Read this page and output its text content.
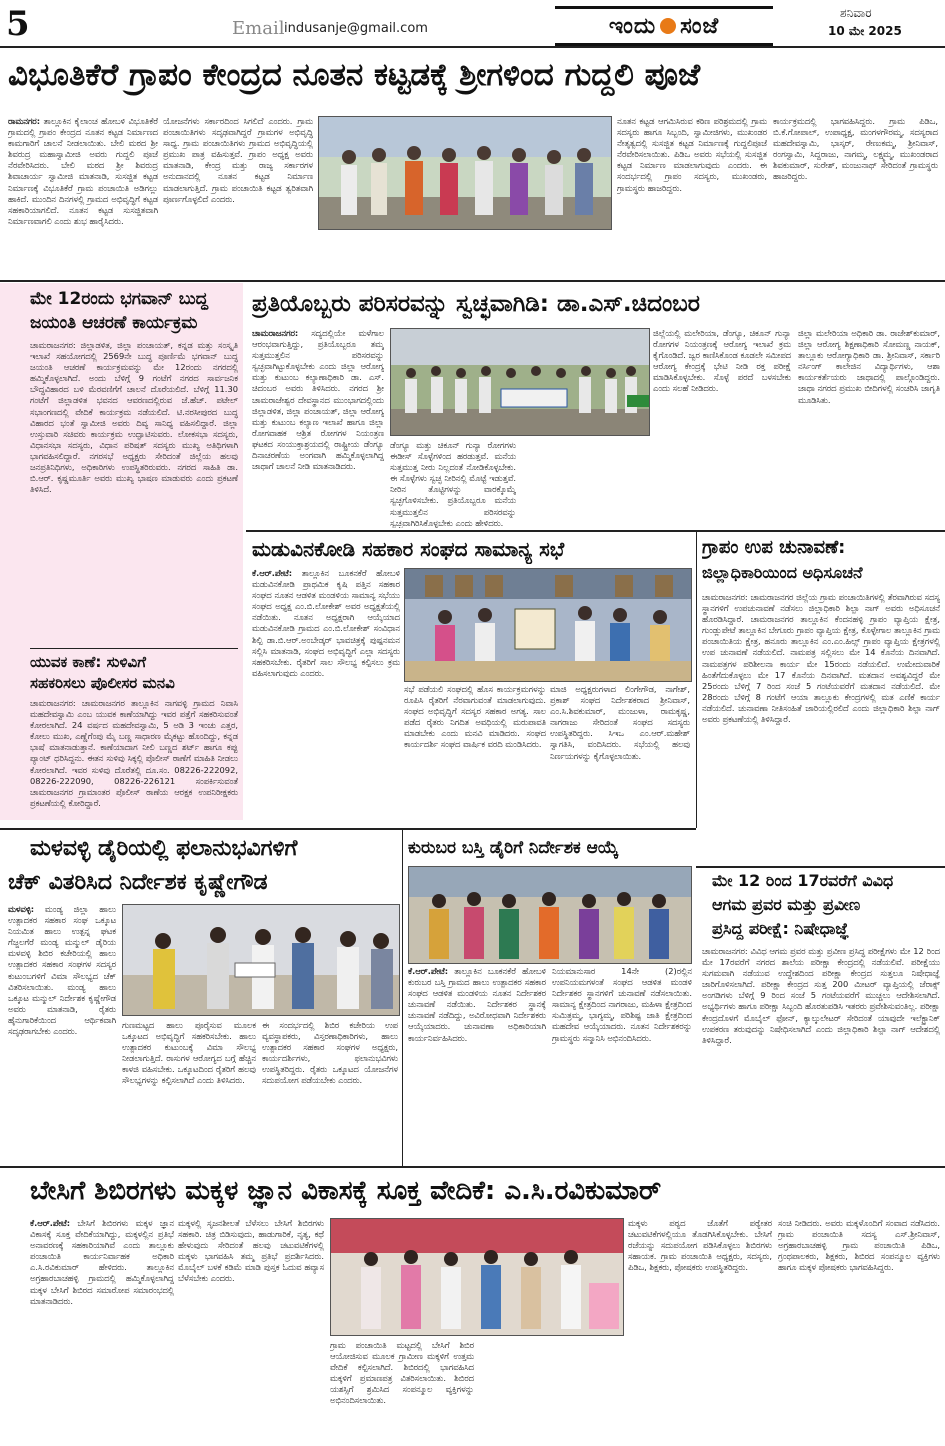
5	Email indusanje@gmail.com	ಇಂದು ಸಂಜೆ
ಶನಿವಾರ
10 ಮೇ 2025
ವಿಭೂತಿಕೆರೆ ಗ್ರಾಪಂ ಕೇಂದ್ರದ ನೂತನ ಕಟ್ಟಡಕ್ಕೆ ಶ್ರೀಗಳಿಂದ ಗುದ್ದಲಿ ಪೂಜೆ
ರಾಮನಗರ: ತಾಲ್ಲೂಕಿನ ಕೈಲಾಂಚ ಹೋಬಳಿ ವಿಭೂತಿಕೆರೆ ಗ್ರಾಮದಲ್ಲಿ ಗ್ರಾಪಂ ಕೇಂದ್ರದ ನೂತನ ಕಟ್ಟಡ ನಿರ್ಮಾಣದ ಕಾಮಗಾರಿಗೆ ಚಾಲನೆ ನೀಡಲಾಯಿತು. ಬೇಲಿ ಮಠದ ಶ್ರೀ ಶಿವರುದ್ರ ಮಹಾಸ್ವಾಮೀಜಿ ಅವರು ಗುದ್ದಲಿ ಪೂಜೆ ನೆರವೇರಿಸಿದರು. ಬೇಲಿ ಮಠದ ಶ್ರೀ ಶಿವರುದ್ರ ಶಿವಾಚಾರ್ಯ ಸ್ವಾಮೀಜಿ ಮಾತನಾಡಿ, ಸುಸಜ್ಜಿತ ಕಟ್ಟಡ ನಿರ್ಮಾಣಕ್ಕೆ ವಿಭೂತಿಕೆರೆ ಗ್ರಾಮ ಪಂಚಾಯಿತಿ ಅಡಿಗಲ್ಲು ಹಾಕಿದೆ. ಮುಂದಿನ ದಿನಗಳಲ್ಲಿ ಗ್ರಾಮದ ಅಭಿವೃದ್ಧಿಗೆ ಕಟ್ಟಡ ಸಹಕಾರಿಯಾಗಲಿದೆ. ನೂತನ ಕಟ್ಟಡ ಸುಸಜ್ಜಿತವಾಗಿ ನಿರ್ಮಾಣವಾಗಲಿ ಎಂದು ಶುಭ ಹಾರೈಸಿದರು.
ಯೋಜನೆಗಳು ಸರ್ಕಾರದಿಂದ ಸಿಗಲಿದೆ ಎಂದರು. ಗ್ರಾಮ ಪಂಚಾಯಿತಿಗಳು ಸದೃಢವಾಗಿದ್ದರೆ ಗ್ರಾಮಗಳ ಅಭಿವೃದ್ಧಿ ಸಾಧ್ಯ. ಗ್ರಾಮ ಪಂಚಾಯಿತಿಗಳು ಗ್ರಾಮದ ಅಭಿವೃದ್ಧಿಯಲ್ಲಿ ಪ್ರಮುಖ ಪಾತ್ರ ವಹಿಸುತ್ತವೆ. ಗ್ರಾಪಂ ಅಧ್ಯಕ್ಷ ಅವರು ಮಾತನಾಡಿ, ಕೇಂದ್ರ ಮತ್ತು ರಾಜ್ಯ ಸರ್ಕಾರಗಳ ಅನುದಾನದಲ್ಲಿ ನೂತನ ಕಟ್ಟಡ ನಿರ್ಮಾಣ ಮಾಡಲಾಗುತ್ತಿದೆ. ಗ್ರಾಮ ಪಂಚಾಯಿತಿ ಕಟ್ಟಡ ತ್ವರಿತವಾಗಿ ಪೂರ್ಣಗೊಳ್ಳಲಿದೆ ಎಂದರು.
ನೂತನ ಕಟ್ಟಡ ಆಗಮಿಸಿರುವ ಕಠಿಣ ಪರಿಶ್ರಮದಲ್ಲಿ ಗ್ರಾಮ ಸದಸ್ಯರು ಹಾಗೂ ಸಿಬ್ಬಂದಿ, ಸ್ವಾಮೀಜಿಗಳು, ಮುಖಂಡರ ನೇತೃತ್ವದಲ್ಲಿ ಸುಸಜ್ಜಿತ ಕಟ್ಟಡ ನಿರ್ಮಾಣಕ್ಕೆ ಗುದ್ದಲಿಪೂಜೆ ನೆರವೇರಿಸಲಾಯಿತು. ಪಿಡಿಒ ಅವರು ಸಭೆಯಲ್ಲಿ ಸುಸಜ್ಜಿತ ಕಟ್ಟಡ ನಿರ್ಮಾಣ ಮಾಡಲಾಗುವುದು ಎಂದರು. ಈ ಸಂದರ್ಭದಲ್ಲಿ ಗ್ರಾಪಂ ಸದಸ್ಯರು, ಮುಖಂಡರು, ಗ್ರಾಮಸ್ಥರು ಹಾಜರಿದ್ದರು.
ಕಾರ್ಯಕ್ರಮದಲ್ಲಿ ಭಾಗವಹಿಸಿದ್ದರು. ಗ್ರಾಮ ಪಿಡಿಒ, ಬಿ.ಕೆ.ಗೋಪಾಲ್, ಉಪಾಧ್ಯಕ್ಷ, ಮಂಗಳಗೌರಮ್ಮ, ಸದಸ್ಯರಾದ ಮಹದೇವಸ್ವಾಮಿ, ಭಾಸ್ಕರ್, ರೇಣುಕಮ್ಮ, ಶ್ರೀನಿವಾಸ್, ರಂಗಸ್ವಾಮಿ, ಸಿದ್ದರಾಜು, ನಾಗಮ್ಮ, ಲಕ್ಷ್ಮಮ್ಮ, ಮುಖಂಡರಾದ ಶಿವಕುಮಾರ್, ಸುರೇಶ್, ಮಂಜುನಾಥ್ ಸೇರಿದಂತೆ ಗ್ರಾಮಸ್ಥರು ಹಾಜರಿದ್ದರು.
ಮೇ 12ರಂದು ಭಗವಾನ್ ಬುದ್ಧ
ಜಯಂತಿ ಆಚರಣೆ ಕಾರ್ಯಕ್ರಮ
ಚಾಮರಾಜನಗರ: ಜಿಲ್ಲಾಡಳಿತ, ಜಿಲ್ಲಾ ಪಂಚಾಯತ್, ಕನ್ನಡ ಮತ್ತು ಸಂಸ್ಕೃತಿ ಇಲಾಖೆ ಸಹಯೋಗದಲ್ಲಿ 2569ನೇ ಬುದ್ಧ ಪೂರ್ಣಿಮೆ ಭಗವಾನ್ ಬುದ್ಧ ಜಯಂತಿ ಆಚರಣೆ ಕಾರ್ಯಕ್ರಮವನ್ನು ಮೇ 12ರಂದು ನಗರದಲ್ಲಿ ಹಮ್ಮಿಕೊಳ್ಳಲಾಗಿದೆ. ಅಂದು ಬೆಳಿಗ್ಗೆ 9 ಗಂಟೆಗೆ ನಗರದ ಸಾರ್ವಜನಿಕ ಬೌದ್ಧವಿಹಾರದ ಬಳಿ ಮೆರವಣಿಗೆಗೆ ಚಾಲನೆ ದೊರೆಯಲಿದೆ. ಬೆಳಿಗ್ಗೆ 11.30 ಗಂಟೆಗೆ ಜಿಲ್ಲಾಡಳಿತ ಭವನದ ಆವರಣದಲ್ಲಿರುವ ಜೆ.ಹೆಚ್. ಪಟೇಲ್ ಸಭಾಂಗಣದಲ್ಲಿ ವೇದಿಕೆ ಕಾರ್ಯಕ್ರಮ ನಡೆಯಲಿದೆ. ಟಿ.ನರಸೀಪುರದ ಬುದ್ಧ ವಿಹಾರದ ಭಂತೆ ಸ್ವಾಮೀಜಿ ಅವರು ದಿವ್ಯ ಸಾನಿಧ್ಯ ವಹಿಸಲಿದ್ದಾರೆ. ಜಿಲ್ಲಾ ಉಸ್ತುವಾರಿ ಸಚಿವರು ಕಾರ್ಯಕ್ರಮ ಉದ್ಘಾಟಿಸುವರು. ಲೋಕಸಭಾ ಸದಸ್ಯರು, ವಿಧಾನಸಭಾ ಸದಸ್ಯರು, ವಿಧಾನ ಪರಿಷತ್ ಸದಸ್ಯರು ಮುಖ್ಯ ಅತಿಥಿಗಳಾಗಿ ಭಾಗವಹಿಸಲಿದ್ದಾರೆ. ನಗರಸಭೆ ಅಧ್ಯಕ್ಷರು ಸೇರಿದಂತೆ ಜಿಲ್ಲೆಯ ಹಲವು ಜನಪ್ರತಿನಿಧಿಗಳು, ಅಧಿಕಾರಿಗಳು ಉಪಸ್ಥಿತರಿರುವರು. ನಗರದ ಸಾಹಿತಿ ಡಾ. ಬಿ.ಆರ್. ಕೃಷ್ಣಮೂರ್ತಿ ಅವರು ಮುಖ್ಯ ಭಾಷಣ ಮಾಡುವರು ಎಂದು ಪ್ರಕಟಣೆ ತಿಳಿಸಿದೆ.
ಯುವಕ ಕಾಣೆ: ಸುಳಿವಿಗೆ
ಸಹಕರಿಸಲು ಪೊಲೀಸರ ಮನವಿ
ಚಾಮರಾಜನಗರ: ಚಾಮರಾಜನಗರ ತಾಲ್ಲೂಕಿನ ನಾಗವಳ್ಳಿ ಗ್ರಾಮದ ನಿವಾಸಿ ಮಹದೇವಸ್ವಾಮಿ ಎಂಬ ಯುವಕ ಕಾಣೆಯಾಗಿದ್ದು ಇವರ ಪತ್ತೆಗೆ ಸಹಕರಿಸುವಂತೆ ಕೋರಲಾಗಿದೆ. 24 ವರ್ಷದ ಮಹದೇವಸ್ವಾಮಿ, 5 ಅಡಿ 3 ಇಂಚು ಎತ್ತರ, ಕೋಲು ಮುಖ, ಎಣ್ಣೆಗೆಂಪು ಮೈ ಬಣ್ಣ ಸಾಧಾರಣ ಮೈಕಟ್ಟು ಹೊಂದಿದ್ದು, ಕನ್ನಡ ಭಾಷೆ ಮಾತನಾಡುತ್ತಾನೆ. ಕಾಣೆಯಾದಾಗ ನೀಲಿ ಬಣ್ಣದ ಶರ್ಟ್ ಹಾಗೂ ಕಪ್ಪು ಪ್ಯಾಂಟ್ ಧರಿಸಿದ್ದನು. ಈತನ ಸುಳಿವು ಸಿಕ್ಕಲ್ಲಿ ಪೊಲೀಸ್ ಠಾಣೆಗೆ ಮಾಹಿತಿ ನೀಡಲು ಕೋರಲಾಗಿದೆ. ಇವರ ಸುಳಿವು ದೊರೆತಲ್ಲಿ ದೂ.ಸಂ. 08226-222092, 08226-222090, 08226-226121 ಸಂಪರ್ಕಿಸುವಂತೆ ಚಾಮರಾಜನಗರ ಗ್ರಾಮಾಂತರ ಪೊಲೀಸ್ ಠಾಣೆಯ ಆರಕ್ಷಕ ಉಪನಿರೀಕ್ಷಕರು ಪ್ರಕಟಣೆಯಲ್ಲಿ ಕೋರಿದ್ದಾರೆ.
ಪ್ರತಿಯೊಬ್ಬರು ಪರಿಸರವನ್ನು ಸ್ವಚ್ಛವಾಗಿಡಿ: ಡಾ.ಎಸ್.ಚಿದಂಬರ
ಚಾಮರಾಜನಗರ: ಸದ್ಯದಲ್ಲಿಯೇ ಮಳೆಗಾಲ ಆರಂಭವಾಗುತ್ತಿದ್ದು, ಪ್ರತಿಯೊಬ್ಬರೂ ತಮ್ಮ ಸುತ್ತಮುತ್ತಲಿನ ಪರಿಸರವನ್ನು ಸ್ವಚ್ಛವಾಗಿಟ್ಟುಕೊಳ್ಳಬೇಕು ಎಂದು ಜಿಲ್ಲಾ ಆರೋಗ್ಯ ಮತ್ತು ಕುಟುಂಬ ಕಲ್ಯಾಣಾಧಿಕಾರಿ ಡಾ. ಎಸ್. ಚಿದಂಬರ ಅವರು ತಿಳಿಸಿದರು. ನಗರದ ಶ್ರೀ ಚಾಮರಾಜೇಶ್ವರ ದೇವಸ್ಥಾನದ ಮುಂಭಾಗದಲ್ಲಿಂದು ಜಿಲ್ಲಾಡಳಿತ, ಜಿಲ್ಲಾ ಪಂಚಾಯತ್, ಜಿಲ್ಲಾ ಆರೋಗ್ಯ ಮತ್ತು ಕುಟುಂಬ ಕಲ್ಯಾಣ ಇಲಾಖೆ ಹಾಗೂ ಜಿಲ್ಲಾ ರೋಗವಾಹಕ ಆಶ್ರಿತ ರೋಗಗಳ ನಿಯಂತ್ರಣ ಘಟಕದ ಸಂಯುಕ್ತಾಶ್ರಯದಲ್ಲಿ ರಾಷ್ಟ್ರೀಯ ಡೆಂಗ್ಯೂ ದಿನಾಚರಣೆಯ ಅಂಗವಾಗಿ ಹಮ್ಮಿಕೊಳ್ಳಲಾಗಿದ್ದ ಜಾಥಾಗೆ ಚಾಲನೆ ನೀಡಿ ಮಾತನಾಡಿದರು.
ಡೆಂಗ್ಯೂ ಮತ್ತು ಚಿಕೂನ್ ಗುನ್ಯಾ ರೋಗಗಳು ಈಡೀಸ್ ಸೊಳ್ಳೆಗಳಿಂದ ಹರಡುತ್ತವೆ. ಮನೆಯ ಸುತ್ತಮುತ್ತ ನೀರು ನಿಲ್ಲದಂತೆ ನೋಡಿಕೊಳ್ಳಬೇಕು. ಈ ಸೊಳ್ಳೆಗಳು ಸ್ವಚ್ಛ ನೀರಿನಲ್ಲಿ ಮೊಟ್ಟೆ ಇಡುತ್ತವೆ. ನೀರಿನ ತೊಟ್ಟಿಗಳನ್ನು ವಾರಕ್ಕೊಮ್ಮೆ ಸ್ವಚ್ಛಗೊಳಿಸಬೇಕು. ಪ್ರತಿಯೊಬ್ಬರೂ ಮನೆಯ ಸುತ್ತಮುತ್ತಲಿನ ಪರಿಸರವನ್ನು ಸ್ವಚ್ಛವಾಗಿರಿಸಿಕೊಳ್ಳಬೇಕು ಎಂದು ಹೇಳಿದರು.
ಜಿಲ್ಲೆಯಲ್ಲಿ ಮಲೇರಿಯಾ, ಡೆಂಗ್ಯೂ, ಚಿಕೂನ್ ಗುನ್ಯಾ ರೋಗಗಳ ನಿಯಂತ್ರಣಕ್ಕೆ ಆರೋಗ್ಯ ಇಲಾಖೆ ಕ್ರಮ ಕೈಗೊಂಡಿದೆ. ಜ್ವರ ಕಾಣಿಸಿಕೊಂಡ ಕೂಡಲೇ ಸಮೀಪದ ಆರೋಗ್ಯ ಕೇಂದ್ರಕ್ಕೆ ಭೇಟಿ ನೀಡಿ ರಕ್ತ ಪರೀಕ್ಷೆ ಮಾಡಿಸಿಕೊಳ್ಳಬೇಕು. ಸೊಳ್ಳೆ ಪರದೆ ಬಳಸಬೇಕು ಎಂದು ಸಲಹೆ ನೀಡಿದರು.
ಜಿಲ್ಲಾ ಮಲೇರಿಯಾ ಅಧಿಕಾರಿ ಡಾ. ರಾಜೇಶ್‌ಕುಮಾರ್, ಜಿಲ್ಲಾ ಆರೋಗ್ಯ ಶಿಕ್ಷಣಾಧಿಕಾರಿ ಸೋಮಣ್ಣ ನಾಯಕ್, ತಾಲ್ಲೂಕು ಆರೋಗ್ಯಾಧಿಕಾರಿ ಡಾ. ಶ್ರೀನಿವಾಸ್, ಸರ್ಕಾರಿ ನರ್ಸಿಂಗ್ ಕಾಲೇಜಿನ ವಿದ್ಯಾರ್ಥಿಗಳು, ಆಶಾ ಕಾರ್ಯಕರ್ತೆಯರು ಜಾಥಾದಲ್ಲಿ ಪಾಲ್ಗೊಂಡಿದ್ದರು. ಜಾಥಾ ನಗರದ ಪ್ರಮುಖ ಬೀದಿಗಳಲ್ಲಿ ಸಂಚರಿಸಿ ಜಾಗೃತಿ ಮೂಡಿಸಿತು.
ಮಡುವಿನಕೋಡಿ ಸಹಕಾರ ಸಂಘದ ಸಾಮಾನ್ಯ ಸಭೆ
ಕೆ.ಆರ್.ಪೇಟೆ: ತಾಲ್ಲೂಕಿನ ಬೂಕನಕೆರೆ ಹೋಬಳಿ ಮಡುವಿನಕೋಡಿ ಪ್ರಾಥಮಿಕ ಕೃಷಿ ಪತ್ತಿನ ಸಹಕಾರ ಸಂಘದ ನೂತನ ಆಡಳಿತ ಮಂಡಳಿಯ ಸಾಮಾನ್ಯ ಸಭೆಯು ಸಂಘದ ಅಧ್ಯಕ್ಷ ಎಂ.ಬಿ.ಲೋಕೇಶ್ ಅವರ ಅಧ್ಯಕ್ಷತೆಯಲ್ಲಿ ನಡೆಯಿತು. ನೂತನ ಅಧ್ಯಕ್ಷರಾಗಿ ಆಯ್ಕೆಯಾದ ಮಡುವಿನಕೋಡಿ ಗ್ರಾಮದ ಎಂ.ಬಿ.ಲೋಕೇಶ್ ಸಂವಿಧಾನ ಶಿಲ್ಪಿ ಡಾ.ಬಿ.ಆರ್.ಅಂಬೇಡ್ಕರ್ ಭಾವಚಿತ್ರಕ್ಕೆ ಪುಷ್ಪನಮನ ಸಲ್ಲಿಸಿ ಮಾತನಾಡಿ, ಸಂಘದ ಅಭಿವೃದ್ಧಿಗೆ ಎಲ್ಲಾ ಸದಸ್ಯರು ಸಹಕರಿಸಬೇಕು. ರೈತರಿಗೆ ಸಾಲ ಸೌಲಭ್ಯ ಕಲ್ಪಿಸಲು ಕ್ರಮ ವಹಿಸಲಾಗುವುದು ಎಂದರು.
ಸಭೆ ಪಡೆಯಲಿ ಸಂಘದಲ್ಲಿ ಹೊಸ ಕಾರ್ಯಕ್ರಮಗಳನ್ನು ರೂಪಿಸಿ ರೈತರಿಗೆ ನೆರವಾಗುವಂತೆ ಮಾಡಲಾಗುವುದು. ಸಂಘದ ಅಭಿವೃದ್ಧಿಗೆ ಸದಸ್ಯರ ಸಹಕಾರ ಅಗತ್ಯ. ಸಾಲ ಪಡೆದ ರೈತರು ನಿಗದಿತ ಅವಧಿಯಲ್ಲಿ ಮರುಪಾವತಿ ಮಾಡಬೇಕು ಎಂದು ಮನವಿ ಮಾಡಿದರು. ಸಂಘದ ಕಾರ್ಯದರ್ಶಿ ಸಂಘದ ವಾರ್ಷಿಕ ವರದಿ ಮಂಡಿಸಿದರು.
ಮಾಜಿ ಅಧ್ಯಕ್ಷರುಗಳಾದ ಲಿಂಗೇಗೌಡ, ನಾಗೇಶ್, ಪ್ರಕಾಶ್ ಸಂಘದ ನಿರ್ದೇಶಕರಾದ ಶ್ರೀನಿವಾಸ್, ಎಂ.ಸಿ.ಶಿವಕುಮಾರ್, ಮಂಜುಳಾ, ರಾಮಕೃಷ್ಣ, ನಾಗರಾಜು ಸೇರಿದಂತೆ ಸಂಘದ ಸದಸ್ಯರು ಉಪಸ್ಥಿತರಿದ್ದರು. ಸಿಇಒ ಎಂ.ಆರ್.ಮಹೇಶ್ ಸ್ವಾಗತಿಸಿ, ವಂದಿಸಿದರು. ಸಭೆಯಲ್ಲಿ ಹಲವು ನಿರ್ಣಯಗಳನ್ನು ಕೈಗೊಳ್ಳಲಾಯಿತು.
ಗ್ರಾಪಂ ಉಪ ಚುನಾವಣೆ:
ಜಿಲ್ಲಾಧಿಕಾರಿಯಿಂದ ಅಧಿಸೂಚನೆ
ಚಾಮರಾಜನಗರ: ಚಾಮರಾಜನಗರ ಜಿಲ್ಲೆಯ ಗ್ರಾಮ ಪಂಚಾಯಿತಿಗಳಲ್ಲಿ ತೆರವಾಗಿರುವ ಸದಸ್ಯ ಸ್ಥಾನಗಳಿಗೆ ಉಪಚುನಾವಣೆ ನಡೆಸಲು ಜಿಲ್ಲಾಧಿಕಾರಿ ಶಿಲ್ಪಾ ನಾಗ್ ಅವರು ಅಧಿಸೂಚನೆ ಹೊರಡಿಸಿದ್ದಾರೆ. ಚಾಮರಾಜನಗರ ತಾಲ್ಲೂಕಿನ ಕೆಂದನಹಳ್ಳಿ ಗ್ರಾಪಂ ವ್ಯಾಪ್ತಿಯ ಕ್ಷೇತ್ರ, ಗುಂಡ್ಲುಪೇಟೆ ತಾಲ್ಲೂಕಿನ ಬೇಗೂರು ಗ್ರಾಪಂ ವ್ಯಾಪ್ತಿಯ ಕ್ಷೇತ್ರ, ಕೊಳ್ಳೇಗಾಲ ತಾಲ್ಲೂಕಿನ ಗ್ರಾಮ ಪಂಚಾಯಿತಿಯ ಕ್ಷೇತ್ರ, ಹನೂರು ತಾಲ್ಲೂಕಿನ ಎಂ.ಎಂ.ಹಿಲ್ಸ್ ಗ್ರಾಪಂ ವ್ಯಾಪ್ತಿಯ ಕ್ಷೇತ್ರಗಳಲ್ಲಿ ಉಪ ಚುನಾವಣೆ ನಡೆಯಲಿದೆ. ನಾಮಪತ್ರ ಸಲ್ಲಿಸಲು ಮೇ 14 ಕೊನೆಯ ದಿನವಾಗಿದೆ. ನಾಮಪತ್ರಗಳ ಪರಿಶೀಲನಾ ಕಾರ್ಯ ಮೇ 15ರಂದು ನಡೆಯಲಿದೆ. ಉಮೇದುವಾರಿಕೆ ಹಿಂತೆಗೆದುಕೊಳ್ಳಲು ಮೇ 17 ಕೊನೆಯ ದಿನವಾಗಿದೆ. ಮತದಾನ ಅವಶ್ಯವಿದ್ದರೆ ಮೇ 25ರಂದು ಬೆಳಿಗ್ಗೆ 7 ರಿಂದ ಸಂಜೆ 5 ಗಂಟೆಯವರೆಗೆ ಮತದಾನ ನಡೆಯಲಿದೆ. ಮೇ 28ರಂದು ಬೆಳಿಗ್ಗೆ 8 ಗಂಟೆಗೆ ಆಯಾ ತಾಲ್ಲೂಕು ಕೇಂದ್ರಗಳಲ್ಲಿ ಮತ ಎಣಿಕೆ ಕಾರ್ಯ ನಡೆಯಲಿದೆ. ಚುನಾವಣಾ ನೀತಿಸಂಹಿತೆ ಜಾರಿಯಲ್ಲಿರಲಿದೆ ಎಂದು ಜಿಲ್ಲಾಧಿಕಾರಿ ಶಿಲ್ಪಾ ನಾಗ್ ಅವರು ಪ್ರಕಟಣೆಯಲ್ಲಿ ತಿಳಿಸಿದ್ದಾರೆ.
ಮಳವಳ್ಳಿ ಡೈರಿಯಲ್ಲಿ ಫಲಾನುಭವಿಗಳಿಗೆ
ಚೆಕ್ ವಿತರಿಸಿದ ನಿರ್ದೇಶಕ ಕೃಷ್ಣೇಗೌಡ
ಮಳವಳ್ಳಿ: ಮಂಡ್ಯ ಜಿಲ್ಲಾ ಹಾಲು ಉತ್ಪಾದಕರ ಸಹಕಾರ ಸಂಘ ಒಕ್ಕೂಟ ನಿಯಮಿತ ಹಾಲು ಉತ್ಪನ್ನ ಘಟಕ ಗೆಜ್ಜಲಗೆರೆ ಮಂಡ್ಯ ಮನ್ಮುಲ್ ಡೈರಿಯ ಮಳವಳ್ಳಿ ಶಿಬಿರ ಕಚೇರಿಯಲ್ಲಿ ಹಾಲು ಉತ್ಪಾದಕರ ಸಹಕಾರ ಸಂಘಗಳ ಸದಸ್ಯರ ಕುಟುಂಬಗಳಿಗೆ ವಿಮಾ ಸೌಲಭ್ಯದ ಚೆಕ್ ವಿತರಿಸಲಾಯಿತು. ಮಂಡ್ಯ ಹಾಲು ಒಕ್ಕೂಟ ಮನ್ಮುಲ್ ನಿರ್ದೇಶಕ ಕೃಷ್ಣೇಗೌಡ ಅವರು ಮಾತನಾಡಿ, ರೈತರು ಹೈನುಗಾರಿಕೆಯಿಂದ ಆರ್ಥಿಕವಾಗಿ ಸದೃಢರಾಗಬೇಕು ಎಂದರು.
ಗುಣಮಟ್ಟದ ಹಾಲು ಪೂರೈಸುವ ಮೂಲಕ ಒಕ್ಕೂಟದ ಅಭಿವೃದ್ಧಿಗೆ ಸಹಕರಿಸಬೇಕು. ಹಾಲು ಉತ್ಪಾದಕರ ಕುಟುಂಬಕ್ಕೆ ವಿಮಾ ಸೌಲಭ್ಯ ನೀಡಲಾಗುತ್ತಿದೆ. ರಾಸುಗಳ ಆರೋಗ್ಯದ ಬಗ್ಗೆ ಹೆಚ್ಚಿನ ಕಾಳಜಿ ವಹಿಸಬೇಕು. ಒಕ್ಕೂಟದಿಂದ ರೈತರಿಗೆ ಹಲವು ಸೌಲಭ್ಯಗಳನ್ನು ಕಲ್ಪಿಸಲಾಗಿದೆ ಎಂದು ತಿಳಿಸಿದರು.
ಈ ಸಂದರ್ಭದಲ್ಲಿ ಶಿಬಿರ ಕಚೇರಿಯ ಉಪ ವ್ಯವಸ್ಥಾಪಕರು, ವಿಸ್ತರಣಾಧಿಕಾರಿಗಳು, ಹಾಲು ಉತ್ಪಾದಕರ ಸಹಕಾರ ಸಂಘಗಳ ಅಧ್ಯಕ್ಷರು, ಕಾರ್ಯದರ್ಶಿಗಳು, ಫಲಾನುಭವಿಗಳು ಉಪಸ್ಥಿತರಿದ್ದರು. ರೈತರು ಒಕ್ಕೂಟದ ಯೋಜನೆಗಳ ಸದುಪಯೋಗ ಪಡೆಯಬೇಕು ಎಂದರು.
ಕುರುಬರ ಬಸ್ತಿ ಡೈರಿಗೆ ನಿರ್ದೇಶಕ ಆಯ್ಕೆ
ಕೆ.ಆರ್.ಪೇಟೆ: ತಾಲ್ಲೂಕಿನ ಬೂಕನಕೆರೆ ಹೋಬಳಿ ಕುರುಬರ ಬಸ್ತಿ ಗ್ರಾಮದ ಹಾಲು ಉತ್ಪಾದಕರ ಸಹಕಾರ ಸಂಘದ ಆಡಳಿತ ಮಂಡಳಿಯ ನೂತನ ನಿರ್ದೇಶಕರ ಚುನಾವಣೆ ನಡೆಯಿತು. ನಿರ್ದೇಶಕರ ಸ್ಥಾನಕ್ಕೆ ಚುನಾವಣೆ ನಡೆದಿದ್ದು, ಅವಿರೋಧವಾಗಿ ನಿರ್ದೇಶಕರು ಆಯ್ಕೆಯಾದರು. ಚುನಾವಣಾ ಅಧಿಕಾರಿಯಾಗಿ ಕಾರ್ಯನಿರ್ವಹಿಸಿದರು.
ನಿಯಮಾನುಸಾರ 14ನೇ (2)ರಲ್ಲಿನ ಉಪನಿಯಮಗಳಂತೆ ಸಂಘದ ಆಡಳಿತ ಮಂಡಳಿ ನಿರ್ದೇಶಕರ ಸ್ಥಾನಗಳಿಗೆ ಚುನಾವಣೆ ನಡೆಸಲಾಯಿತು. ಸಾಮಾನ್ಯ ಕ್ಷೇತ್ರದಿಂದ ನಾಗರಾಜು, ಮಹಿಳಾ ಕ್ಷೇತ್ರದಿಂದ ಸುಮಿತ್ರಮ್ಮ, ಭಾಗ್ಯಮ್ಮ, ಪರಿಶಿಷ್ಟ ಜಾತಿ ಕ್ಷೇತ್ರದಿಂದ ಮಹದೇವ ಆಯ್ಕೆಯಾದರು. ನೂತನ ನಿರ್ದೇಶಕರನ್ನು ಗ್ರಾಮಸ್ಥರು ಸನ್ಮಾನಿಸಿ ಅಭಿನಂದಿಸಿದರು.
ಮೇ 12 ರಿಂದ 17ರವರೆಗೆ ವಿವಿಧ
ಆಗಮ ಪ್ರವರ ಮತ್ತು ಪ್ರವೀಣ
ಪ್ರಸಿದ್ದ ಪರೀಕ್ಷೆ: ನಿಷೇಧಾಜ್ಞೆ
ಚಾಮರಾಜನಗರ: ವಿವಿಧ ಆಗಮ ಪ್ರವರ ಮತ್ತು ಪ್ರವೀಣ ಪ್ರಸಿದ್ಧ ಪರೀಕ್ಷೆಗಳು ಮೇ 12 ರಿಂದ ಮೇ 17ರವರೆಗೆ ನಗರದ ಶಾಲೆಯ ಪರೀಕ್ಷಾ ಕೇಂದ್ರದಲ್ಲಿ ನಡೆಯಲಿವೆ. ಪರೀಕ್ಷೆಯು ಸುಗಮವಾಗಿ ನಡೆಯುವ ಉದ್ದೇಶದಿಂದ ಪರೀಕ್ಷಾ ಕೇಂದ್ರದ ಸುತ್ತಲೂ ನಿಷೇಧಾಜ್ಞೆ ಜಾರಿಗೊಳಿಸಲಾಗಿದೆ. ಪರೀಕ್ಷಾ ಕೇಂದ್ರದ ಸುತ್ತ 200 ಮೀಟರ್ ವ್ಯಾಪ್ತಿಯಲ್ಲಿ ಜೆರಾಕ್ಸ್ ಅಂಗಡಿಗಳು ಬೆಳಿಗ್ಗೆ 9 ರಿಂದ ಸಂಜೆ 5 ಗಂಟೆಯವರೆಗೆ ಮುಚ್ಚಲು ಆದೇಶಿಸಲಾಗಿದೆ. ಅಭ್ಯರ್ಥಿಗಳು ಹಾಗೂ ಪರೀಕ್ಷಾ ಸಿಬ್ಬಂದಿ ಹೊರತುಪಡಿಸಿ ಇತರರು ಪ್ರವೇಶಿಸುವಂತಿಲ್ಲ. ಪರೀಕ್ಷಾ ಕೇಂದ್ರದೊಳಗೆ ಮೊಬೈಲ್ ಫೋನ್, ಕ್ಯಾಲ್ಕುಲೇಟರ್ ಸೇರಿದಂತೆ ಯಾವುದೇ ಇಲೆಕ್ಟ್ರಾನಿಕ್ ಉಪಕರಣ ತರುವುದನ್ನು ನಿಷೇಧಿಸಲಾಗಿದೆ ಎಂದು ಜಿಲ್ಲಾಧಿಕಾರಿ ಶಿಲ್ಪಾ ನಾಗ್ ಆದೇಶದಲ್ಲಿ ತಿಳಿಸಿದ್ದಾರೆ.
ಬೇಸಿಗೆ ಶಿಬಿರಗಳು ಮಕ್ಕಳ ಜ್ಞಾನ ವಿಕಾಸಕ್ಕೆ ಸೂಕ್ತ ವೇದಿಕೆ: ಎ.ಸಿ.ರವಿಕುಮಾರ್
ಕೆ.ಆರ್.ಪೇಟೆ: ಬೇಸಿಗೆ ಶಿಬಿರಗಳು ಮಕ್ಕಳ ಜ್ಞಾನ ವಿಕಾಸಕ್ಕೆ ಸೂಕ್ತ ವೇದಿಕೆಯಾಗಿದ್ದು, ಮಕ್ಕಳಲ್ಲಿನ ಪ್ರತಿಭೆ ಅನಾವರಣಕ್ಕೆ ಸಹಕಾರಿಯಾಗಿವೆ ಎಂದು ತಾಲ್ಲೂಕು ಪಂಚಾಯಿತಿ ಕಾರ್ಯನಿರ್ವಾಹಕ ಅಧಿಕಾರಿ ಎ.ಸಿ.ರವಿಕುಮಾರ್ ಹೇಳಿದರು. ತಾಲ್ಲೂಕಿನ ಅಗ್ರಹಾರಬಾಚಹಳ್ಳಿ ಗ್ರಾಮದಲ್ಲಿ ಹಮ್ಮಿಕೊಳ್ಳಲಾಗಿದ್ದ ಮಕ್ಕಳ ಬೇಸಿಗೆ ಶಿಬಿರದ ಸಮಾರೋಪ ಸಮಾರಂಭದಲ್ಲಿ ಮಾತನಾಡಿದರು.
ಮಕ್ಕಳಲ್ಲಿ ಸೃಜನಶೀಲತೆ ಬೆಳೆಸಲು ಬೇಸಿಗೆ ಶಿಬಿರಗಳು ಸಹಕಾರಿ. ಚಿತ್ರ ಬಿಡಿಸುವುದು, ಹಾಡುಗಾರಿಕೆ, ನೃತ್ಯ, ಕಥೆ ಹೇಳುವುದು ಸೇರಿದಂತೆ ಹಲವು ಚಟುವಟಿಕೆಗಳಲ್ಲಿ ಮಕ್ಕಳು ಭಾಗವಹಿಸಿ ತಮ್ಮ ಪ್ರತಿಭೆ ಪ್ರದರ್ಶಿಸಿದರು. ಮೊಬೈಲ್ ಬಳಕೆ ಕಡಿಮೆ ಮಾಡಿ ಪುಸ್ತಕ ಓದುವ ಹವ್ಯಾಸ ಬೆಳೆಸಬೇಕು ಎಂದರು.
ಗ್ರಾಮ ಪಂಚಾಯಿತಿ ಮಟ್ಟದಲ್ಲಿ ಬೇಸಿಗೆ ಶಿಬಿರ ಆಯೋಜಿಸುವ ಮೂಲಕ ಗ್ರಾಮೀಣ ಮಕ್ಕಳಿಗೆ ಉತ್ತಮ ವೇದಿಕೆ ಕಲ್ಪಿಸಲಾಗಿದೆ. ಶಿಬಿರದಲ್ಲಿ ಭಾಗವಹಿಸಿದ ಮಕ್ಕಳಿಗೆ ಪ್ರಮಾಣಪತ್ರ ವಿತರಿಸಲಾಯಿತು. ಶಿಬಿರದ ಯಶಸ್ಸಿಗೆ ಶ್ರಮಿಸಿದ ಸಂಪನ್ಮೂಲ ವ್ಯಕ್ತಿಗಳನ್ನು ಅಭಿನಂದಿಸಲಾಯಿತು.
ಮಕ್ಕಳು ಪಠ್ಯದ ಜೊತೆಗೆ ಪಠ್ಯೇತರ ಚಟುವಟಿಕೆಗಳಲ್ಲಿಯೂ ತೊಡಗಿಸಿಕೊಳ್ಳಬೇಕು. ಬೇಸಿಗೆ ರಜೆಯನ್ನು ಸದುಪಯೋಗ ಪಡಿಸಿಕೊಳ್ಳಲು ಶಿಬಿರಗಳು ಸಹಾಯಕ. ಗ್ರಾಮ ಪಂಚಾಯಿತಿ ಅಧ್ಯಕ್ಷರು, ಸದಸ್ಯರು, ಪಿಡಿಒ, ಶಿಕ್ಷಕರು, ಪೋಷಕರು ಉಪಸ್ಥಿತರಿದ್ದರು.
ಸಂಚಿ ನೀಡಿದರು. ಅವರು ಮಕ್ಕಳೊಂದಿಗೆ ಸಂವಾದ ನಡೆಸಿದರು. ಗ್ರಾಮ ಪಂಚಾಯಿತಿ ಸದಸ್ಯ ಎಸ್.ಶ್ರೀನಿವಾಸ್, ಅಗ್ರಹಾರಬಾಚಹಳ್ಳಿ ಗ್ರಾಮ ಪಂಚಾಯಿತಿ ಪಿಡಿಒ, ಗ್ರಂಥಪಾಲಕರು, ಶಿಕ್ಷಕರು, ಶಿಬಿರದ ಸಂಪನ್ಮೂಲ ವ್ಯಕ್ತಿಗಳು ಹಾಗೂ ಮಕ್ಕಳ ಪೋಷಕರು ಭಾಗವಹಿಸಿದ್ದರು.
